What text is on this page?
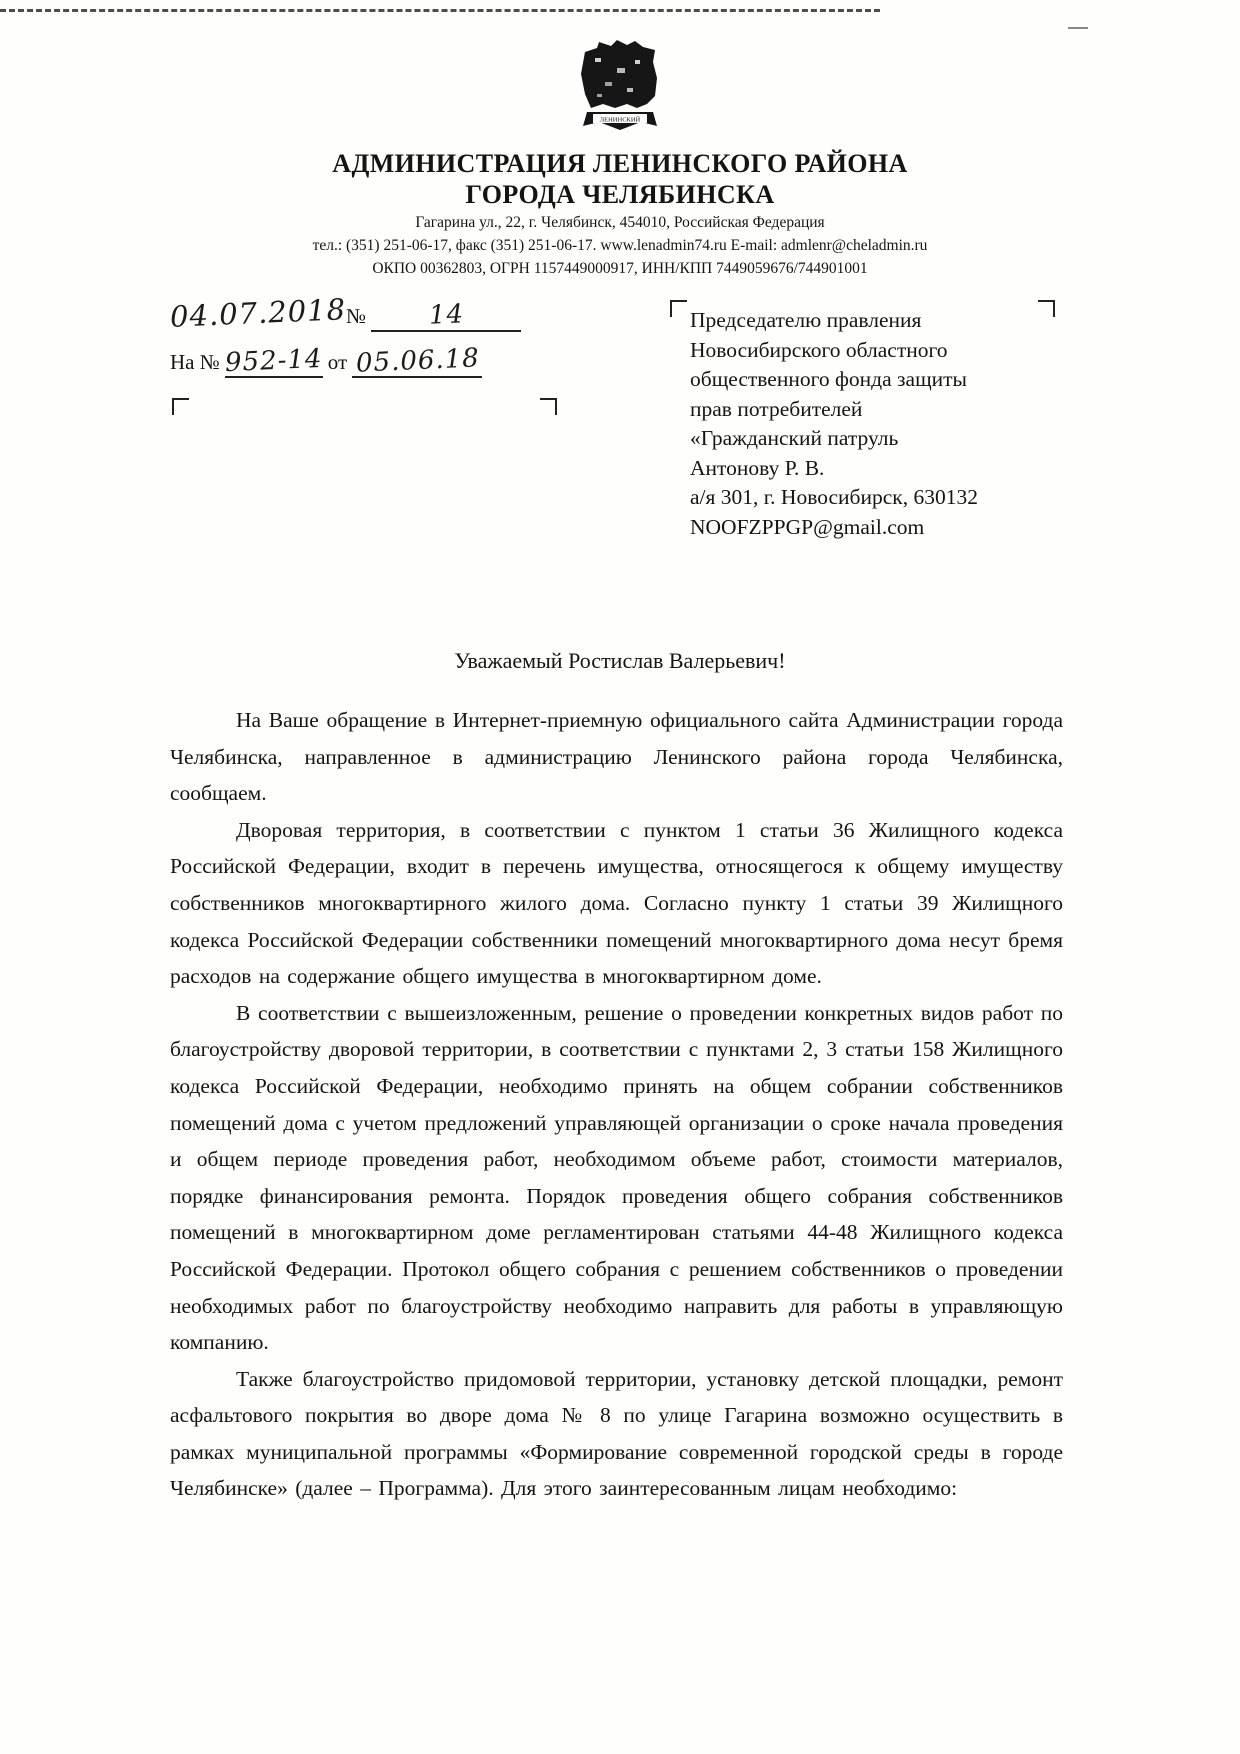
ЛЕНИНСКИЙ
АДМИНИСТРАЦИЯ ЛЕНИНСКОГО РАЙОНА
ГОРОДА ЧЕЛЯБИНСКА
Гагарина ул., 22, г. Челябинск, 454010, Российская Федерация
тел.: (351) 251-06-17, факс (351) 251-06-17. www.lenadmin74.ru E-mail: admlenr@cheladmin.ru
ОКПО 00362803, ОГРН 1157449000917, ИНН/КПП 7449059676/744901001
04.07.2018№ 14
На № 952-14 от 05.06.18
Председателю правления
Новосибирского областного
общественного фонда защиты
прав потребителей
«Гражданский патруль
Антонову Р. В.
а/я 301, г. Новосибирск, 630132
NOOFZPPGP@gmail.com
Уважаемый Ростислав Валерьевич!

На Ваше обращение в Интернет-приемную официального сайта Администрации города Челябинска, направленное в администрацию Ленинского района города Челябинска, сообщаем.

Дворовая территория, в соответствии с пунктом 1 статьи 36 Жилищного кодекса Российской Федерации, входит в перечень имущества, относящегося к общему имуществу собственников многоквартирного жилого дома. Согласно пункту 1 статьи 39 Жилищного кодекса Российской Федерации собственники помещений многоквартирного дома несут бремя расходов на содержание общего имущества в многоквартирном доме.

В соответствии с вышеизложенным, решение о проведении конкретных видов работ по благоустройству дворовой территории, в соответствии с пунктами 2, 3 статьи 158 Жилищного кодекса Российской Федерации, необходимо принять на общем собрании собственников помещений дома с учетом предложений управляющей организации о сроке начала проведения и общем периоде проведения работ, необходимом объеме работ, стоимости материалов, порядке финансирования ремонта. Порядок проведения общего собрания собственников помещений в многоквартирном доме регламентирован статьями 44-48 Жилищного кодекса Российской Федерации. Протокол общего собрания с решением собственников о проведении необходимых работ по благоустройству необходимо направить для работы в управляющую компанию.

Также благоустройство придомовой территории, установку детской площадки, ремонт асфальтового покрытия во дворе дома № 8 по улице Гагарина возможно осуществить в рамках муниципальной программы «Формирование современной городской среды в городе Челябинске» (далее – Программа). Для этого заинтересованным лицам необходимо:
